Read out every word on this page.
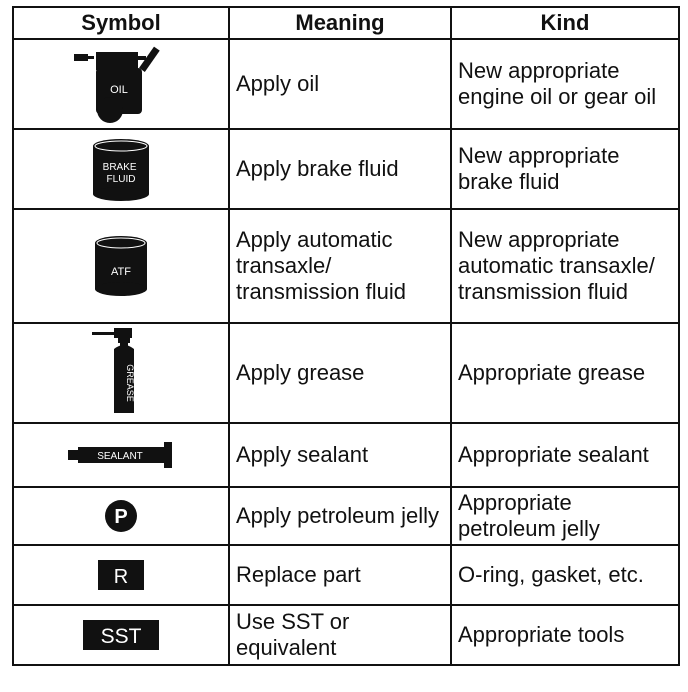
Symbol	Meaning	Kind

OIL	Apply oil	New appropriate engine oil or gear oil

BRAKE FLUID	Apply brake fluid	New appropriate brake fluid

ATF	Apply automatic transaxle/ transmission fluid	New appropriate automatic transaxle/ transmission fluid

GREASE	Apply grease	Appropriate grease

SEALANT	Apply sealant	Appropriate sealant

P	Apply petroleum jelly	Appropriate petroleum jelly

R	Replace part	O-ring, gasket, etc.

SST	Use SST or equivalent	Appropriate tools
